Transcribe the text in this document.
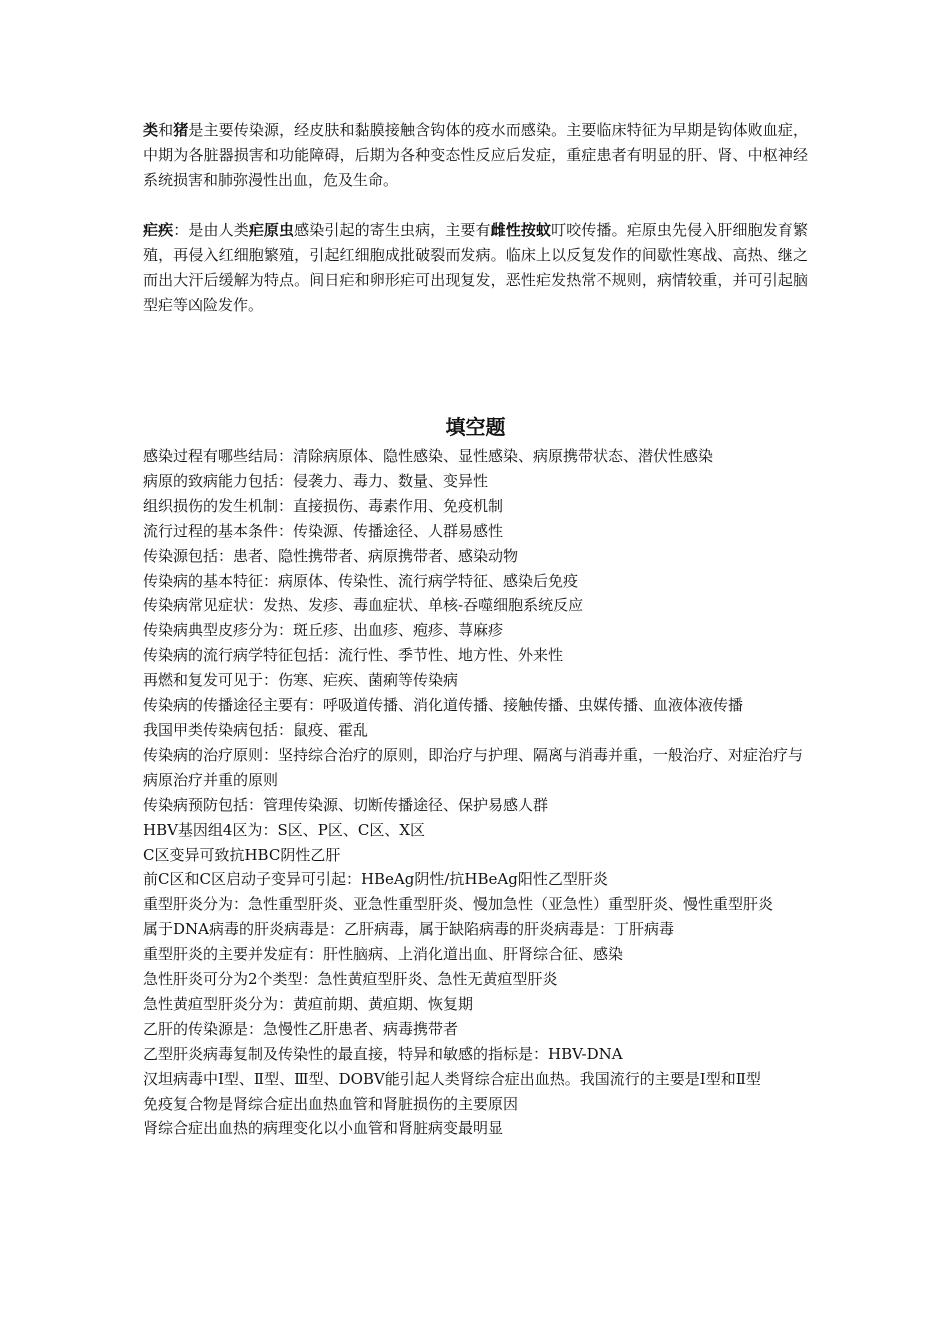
类和猪是主要传染源，经皮肤和黏膜接触含钩体的疫水而感染。主要临床特征为早期是钩体败血症，中期为各脏器损害和功能障碍，后期为各种变态性反应后发症，重症患者有明显的肝、肾、中枢神经系统损害和肺弥漫性出血，危及生命。

疟疾：是由人类疟原虫感染引起的寄生虫病，主要有雌性按蚊叮咬传播。疟原虫先侵入肝细胞发育繁殖，再侵入红细胞繁殖，引起红细胞成批破裂而发病。临床上以反复发作的间歇性寒战、高热、继之而出大汗后缓解为特点。间日疟和卵形疟可出现复发，恶性疟发热常不规则，病情较重，并可引起脑型疟等凶险发作。

填空题
感染过程有哪些结局：清除病原体、隐性感染、显性感染、病原携带状态、潜伏性感染
病原的致病能力包括：侵袭力、毒力、数量、变异性
组织损伤的发生机制：直接损伤、毒素作用、免疫机制
流行过程的基本条件：传染源、传播途径、人群易感性
传染源包括：患者、隐性携带者、病原携带者、感染动物
传染病的基本特征：病原体、传染性、流行病学特征、感染后免疫
传染病常见症状：发热、发疹、毒血症状、单核-吞噬细胞系统反应
传染病典型皮疹分为：斑丘疹、出血疹、疱疹、荨麻疹
传染病的流行病学特征包括：流行性、季节性、地方性、外来性
再燃和复发可见于：伤寒、疟疾、菌痢等传染病
传染病的传播途径主要有：呼吸道传播、消化道传播、接触传播、虫媒传播、血液体液传播
我国甲类传染病包括：鼠疫、霍乱
传染病的治疗原则：坚持综合治疗的原则，即治疗与护理、隔离与消毒并重，一般治疗、对症治疗与病原治疗并重的原则
传染病预防包括：管理传染源、切断传播途径、保护易感人群
HBV基因组4区为：S区、P区、C区、X区
C区变异可致抗HBC阴性乙肝
前C区和C区启动子变异可引起：HBeAg阴性/抗HBeAg阳性乙型肝炎
重型肝炎分为：急性重型肝炎、亚急性重型肝炎、慢加急性（亚急性）重型肝炎、慢性重型肝炎
属于DNA病毒的肝炎病毒是：乙肝病毒，属于缺陷病毒的肝炎病毒是：丁肝病毒
重型肝炎的主要并发症有：肝性脑病、上消化道出血、肝肾综合征、感染
急性肝炎可分为2个类型：急性黄疸型肝炎、急性无黄疸型肝炎
急性黄疸型肝炎分为：黄疸前期、黄疸期、恢复期
乙肝的传染源是：急慢性乙肝患者、病毒携带者
乙型肝炎病毒复制及传染性的最直接，特异和敏感的指标是：HBV-DNA
汉坦病毒中Ⅰ型、Ⅱ型、Ⅲ型、DOBV能引起人类肾综合症出血热。我国流行的主要是Ⅰ型和Ⅱ型
免疫复合物是肾综合症出血热血管和肾脏损伤的主要原因
肾综合症出血热的病理变化以小血管和肾脏病变最明显
